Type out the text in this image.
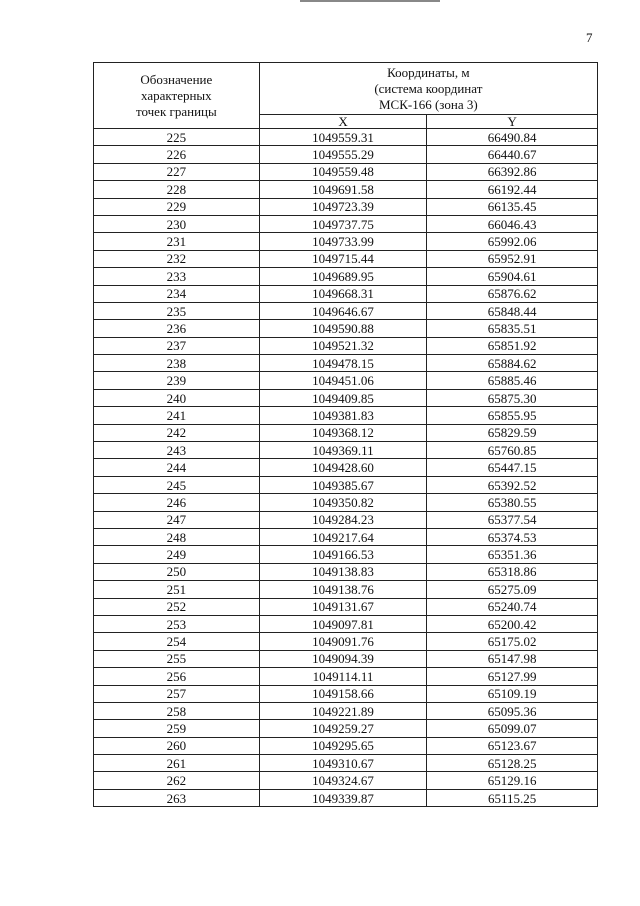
7
Обозначение
характерных
точек границы	Координаты, м
(система координат
МСК-166 (зона 3)	

	X	Y
225	1049559.31	66490.84
226	1049555.29	66440.67
227	1049559.48	66392.86
228	1049691.58	66192.44
229	1049723.39	66135.45
230	1049737.75	66046.43
231	1049733.99	65992.06
232	1049715.44	65952.91
233	1049689.95	65904.61
234	1049668.31	65876.62
235	1049646.67	65848.44
236	1049590.88	65835.51
237	1049521.32	65851.92
238	1049478.15	65884.62
239	1049451.06	65885.46
240	1049409.85	65875.30
241	1049381.83	65855.95
242	1049368.12	65829.59
243	1049369.11	65760.85
244	1049428.60	65447.15
245	1049385.67	65392.52
246	1049350.82	65380.55
247	1049284.23	65377.54
248	1049217.64	65374.53
249	1049166.53	65351.36
250	1049138.83	65318.86
251	1049138.76	65275.09
252	1049131.67	65240.74
253	1049097.81	65200.42
254	1049091.76	65175.02
255	1049094.39	65147.98
256	1049114.11	65127.99
257	1049158.66	65109.19
258	1049221.89	65095.36
259	1049259.27	65099.07
260	1049295.65	65123.67
261	1049310.67	65128.25
262	1049324.67	65129.16
263	1049339.87	65115.25
